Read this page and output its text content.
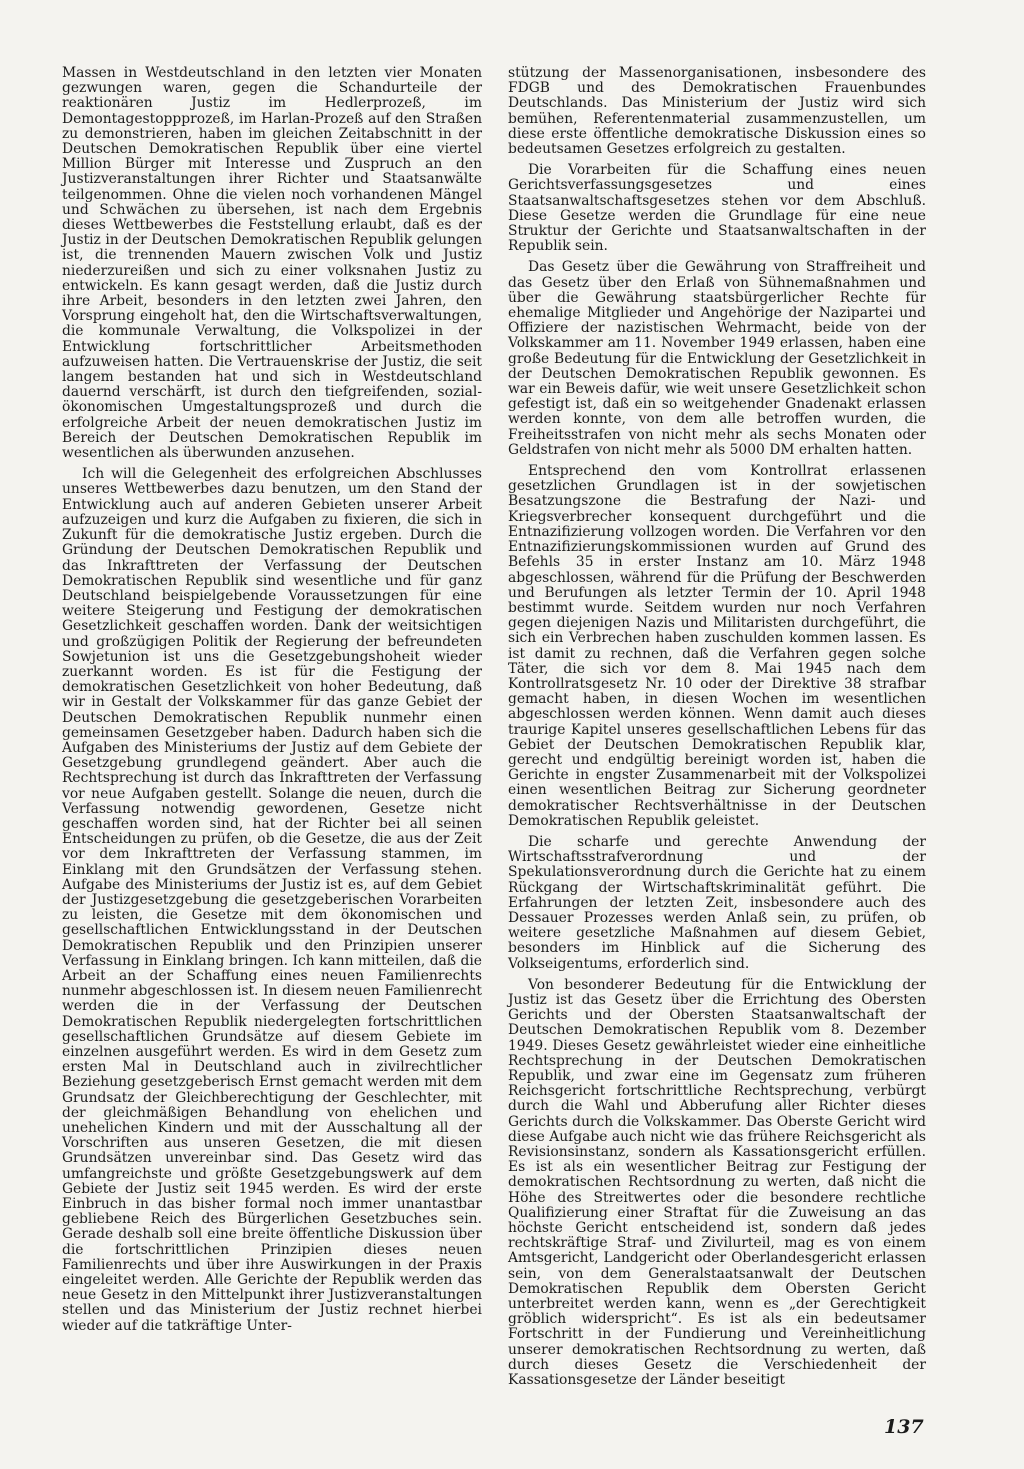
Massen in Westdeutschland in den letzten vier Monaten gezwungen waren, gegen die Schandurteile der reaktionären Justiz im Hedlerprozeß, im Demontagestoppprozeß, im Harlan-Prozeß auf den Straßen zu demonstrieren, haben im gleichen Zeitabschnitt in der Deutschen Demokratischen Republik über eine viertel Million Bürger mit Interesse und Zuspruch an den Justizveranstaltungen ihrer Richter und Staatsanwälte teilgenommen. Ohne die vielen noch vorhandenen Mängel und Schwächen zu übersehen, ist nach dem Ergebnis dieses Wettbewerbes die Feststellung erlaubt, daß es der Justiz in der Deutschen Demokratischen Republik gelungen ist, die trennenden Mauern zwischen Volk und Justiz niederzureißen und sich zu einer volksnahen Justiz zu entwickeln. Es kann gesagt werden, daß die Justiz durch ihre Arbeit, besonders in den letzten zwei Jahren, den Vorsprung eingeholt hat, den die Wirtschaftsverwaltungen, die kommunale Verwaltung, die Volkspolizei in der Entwicklung fortschrittlicher Arbeitsmethoden aufzuweisen hatten. Die Vertrauenskrise der Justiz, die seit langem bestanden hat und sich in Westdeutschland dauernd verschärft, ist durch den tiefgreifenden, sozial-ökonomischen Umgestaltungsprozeß und durch die erfolgreiche Arbeit der neuen demokratischen Justiz im Bereich der Deutschen Demokratischen Republik im wesentlichen als überwunden anzusehen.

Ich will die Gelegenheit des erfolgreichen Abschlusses unseres Wettbewerbes dazu benutzen, um den Stand der Entwicklung auch auf anderen Gebieten unserer Arbeit aufzuzeigen und kurz die Aufgaben zu fixieren, die sich in Zukunft für die demokratische Justiz ergeben. Durch die Gründung der Deutschen Demokratischen Republik und das Inkrafttreten der Verfassung der Deutschen Demokratischen Republik sind wesentliche und für ganz Deutschland beispielgebende Voraussetzungen für eine weitere Steigerung und Festigung der demokratischen Gesetzlichkeit geschaffen worden. Dank der weitsichtigen und großzügigen Politik der Regierung der befreundeten Sowjetunion ist uns die Gesetzgebungshoheit wieder zuerkannt worden. Es ist für die Festigung der demokratischen Gesetzlichkeit von hoher Bedeutung, daß wir in Gestalt der Volkskammer für das ganze Gebiet der Deutschen Demokratischen Republik nunmehr einen gemeinsamen Gesetzgeber haben. Dadurch haben sich die Aufgaben des Ministeriums der Justiz auf dem Gebiete der Gesetzgebung grundlegend geändert. Aber auch die Rechtsprechung ist durch das Inkrafttreten der Verfassung vor neue Aufgaben gestellt. Solange die neuen, durch die Verfassung notwendig gewordenen, Gesetze nicht geschaffen worden sind, hat der Richter bei all seinen Entscheidungen zu prüfen, ob die Gesetze, die aus der Zeit vor dem Inkrafttreten der Verfassung stammen, im Einklang mit den Grundsätzen der Verfassung stehen. Aufgabe des Ministeriums der Justiz ist es, auf dem Gebiet der Justizgesetzgebung die gesetzgeberischen Vorarbeiten zu leisten, die Gesetze mit dem ökonomischen und gesellschaftlichen Entwicklungsstand in der Deutschen Demokratischen Republik und den Prinzipien unserer Verfassung in Einklang bringen. Ich kann mitteilen, daß die Arbeit an der Schaffung eines neuen Familienrechts nunmehr abgeschlossen ist. In diesem neuen Familienrecht werden die in der Verfassung der Deutschen Demokratischen Republik niedergelegten fortschrittlichen gesellschaftlichen Grundsätze auf diesem Gebiete im einzelnen ausgeführt werden. Es wird in dem Gesetz zum ersten Mal in Deutschland auch in zivilrechtlicher Beziehung gesetzgeberisch Ernst gemacht werden mit dem Grundsatz der Gleichberechtigung der Geschlechter, mit der gleichmäßigen Behandlung von ehelichen und unehelichen Kindern und mit der Ausschaltung all der Vorschriften aus unseren Gesetzen, die mit diesen Grundsätzen unvereinbar sind. Das Gesetz wird das umfangreichste und größte Gesetzgebungswerk auf dem Gebiete der Justiz seit 1945 werden. Es wird der erste Einbruch in das bisher formal noch immer unantastbar gebliebene Reich des Bürgerlichen Gesetzbuches sein. Gerade deshalb soll eine breite öffentliche Diskussion über die fortschrittlichen Prinzipien dieses neuen Familienrechts und über ihre Auswirkungen in der Praxis eingeleitet werden. Alle Gerichte der Republik werden das neue Gesetz in den Mittelpunkt ihrer Justizveranstaltungen stellen und das Ministerium der Justiz rechnet hierbei wieder auf die tatkräftige Unter-

stützung der Massenorganisationen, insbesondere des FDGB und des Demokratischen Frauenbundes Deutschlands. Das Ministerium der Justiz wird sich bemühen, Referentenmaterial zusammenzustellen, um diese erste öffentliche demokratische Diskussion eines so bedeutsamen Gesetzes erfolgreich zu gestalten.

Die Vorarbeiten für die Schaffung eines neuen Gerichtsverfassungsgesetzes und eines Staatsanwaltschaftsgesetzes stehen vor dem Abschluß. Diese Gesetze werden die Grundlage für eine neue Struktur der Gerichte und Staatsanwaltschaften in der Republik sein.

Das Gesetz über die Gewährung von Straffreiheit und das Gesetz über den Erlaß von Sühnemaßnahmen und über die Gewährung staatsbürgerlicher Rechte für ehemalige Mitglieder und Angehörige der Nazipartei und Offiziere der nazistischen Wehrmacht, beide von der Volkskammer am 11. November 1949 erlassen, haben eine große Bedeutung für die Entwicklung der Gesetzlichkeit in der Deutschen Demokratischen Republik gewonnen. Es war ein Beweis dafür, wie weit unsere Gesetzlichkeit schon gefestigt ist, daß ein so weitgehender Gnadenakt erlassen werden konnte, von dem alle betroffen wurden, die Freiheitsstrafen von nicht mehr als sechs Monaten oder Geldstrafen von nicht mehr als 5000 DM erhalten hatten.

Entsprechend den vom Kontrollrat erlassenen gesetzlichen Grundlagen ist in der sowjetischen Besatzungszone die Bestrafung der Nazi- und Kriegsverbrecher konsequent durchgeführt und die Entnazifizierung vollzogen worden. Die Verfahren vor den Entnazifizierungskommissionen wurden auf Grund des Befehls 35 in erster Instanz am 10. März 1948 abgeschlossen, während für die Prüfung der Beschwerden und Berufungen als letzter Termin der 10. April 1948 bestimmt wurde. Seitdem wurden nur noch Verfahren gegen diejenigen Nazis und Militaristen durchgeführt, die sich ein Verbrechen haben zuschulden kommen lassen. Es ist damit zu rechnen, daß die Verfahren gegen solche Täter, die sich vor dem 8. Mai 1945 nach dem Kontrollratsgesetz Nr. 10 oder der Direktive 38 strafbar gemacht haben, in diesen Wochen im wesentlichen abgeschlossen werden können. Wenn damit auch dieses traurige Kapitel unseres gesellschaftlichen Lebens für das Gebiet der Deutschen Demokratischen Republik klar, gerecht und endgültig bereinigt worden ist, haben die Gerichte in engster Zusammenarbeit mit der Volkspolizei einen wesentlichen Beitrag zur Sicherung geordneter demokratischer Rechtsverhältnisse in der Deutschen Demokratischen Republik geleistet.

Die scharfe und gerechte Anwendung der Wirtschaftsstrafverordnung und der Spekulationsverordnung durch die Gerichte hat zu einem Rückgang der Wirtschaftskriminalität geführt. Die Erfahrungen der letzten Zeit, insbesondere auch des Dessauer Prozesses werden Anlaß sein, zu prüfen, ob weitere gesetzliche Maßnahmen auf diesem Gebiet, besonders im Hinblick auf die Sicherung des Volkseigentums, erforderlich sind.

Von besonderer Bedeutung für die Entwicklung der Justiz ist das Gesetz über die Errichtung des Obersten Gerichts und der Obersten Staatsanwaltschaft der Deutschen Demokratischen Republik vom 8. Dezember 1949. Dieses Gesetz gewährleistet wieder eine einheitliche Rechtsprechung in der Deutschen Demokratischen Republik, und zwar eine im Gegensatz zum früheren Reichsgericht fortschrittliche Rechtsprechung, verbürgt durch die Wahl und Abberufung aller Richter dieses Gerichts durch die Volkskammer. Das Oberste Gericht wird diese Aufgabe auch nicht wie das frühere Reichsgericht als Revisionsinstanz, sondern als Kassationsgericht erfüllen. Es ist als ein wesentlicher Beitrag zur Festigung der demokratischen Rechtsordnung zu werten, daß nicht die Höhe des Streitwertes oder die besondere rechtliche Qualifizierung einer Straftat für die Zuweisung an das höchste Gericht entscheidend ist, sondern daß jedes rechtskräftige Straf- und Zivilurteil, mag es von einem Amtsgericht, Landgericht oder Oberlandesgericht erlassen sein, von dem Generalstaatsanwalt der Deutschen Demokratischen Republik dem Obersten Gericht unterbreitet werden kann, wenn es „der Gerechtigkeit gröblich widerspricht“. Es ist als ein bedeutsamer Fortschritt in der Fundierung und Vereinheitlichung unserer demokratischen Rechtsordnung zu werten, daß durch dieses Gesetz die Verschiedenheit der Kassationsgesetze der Länder beseitigt

137
